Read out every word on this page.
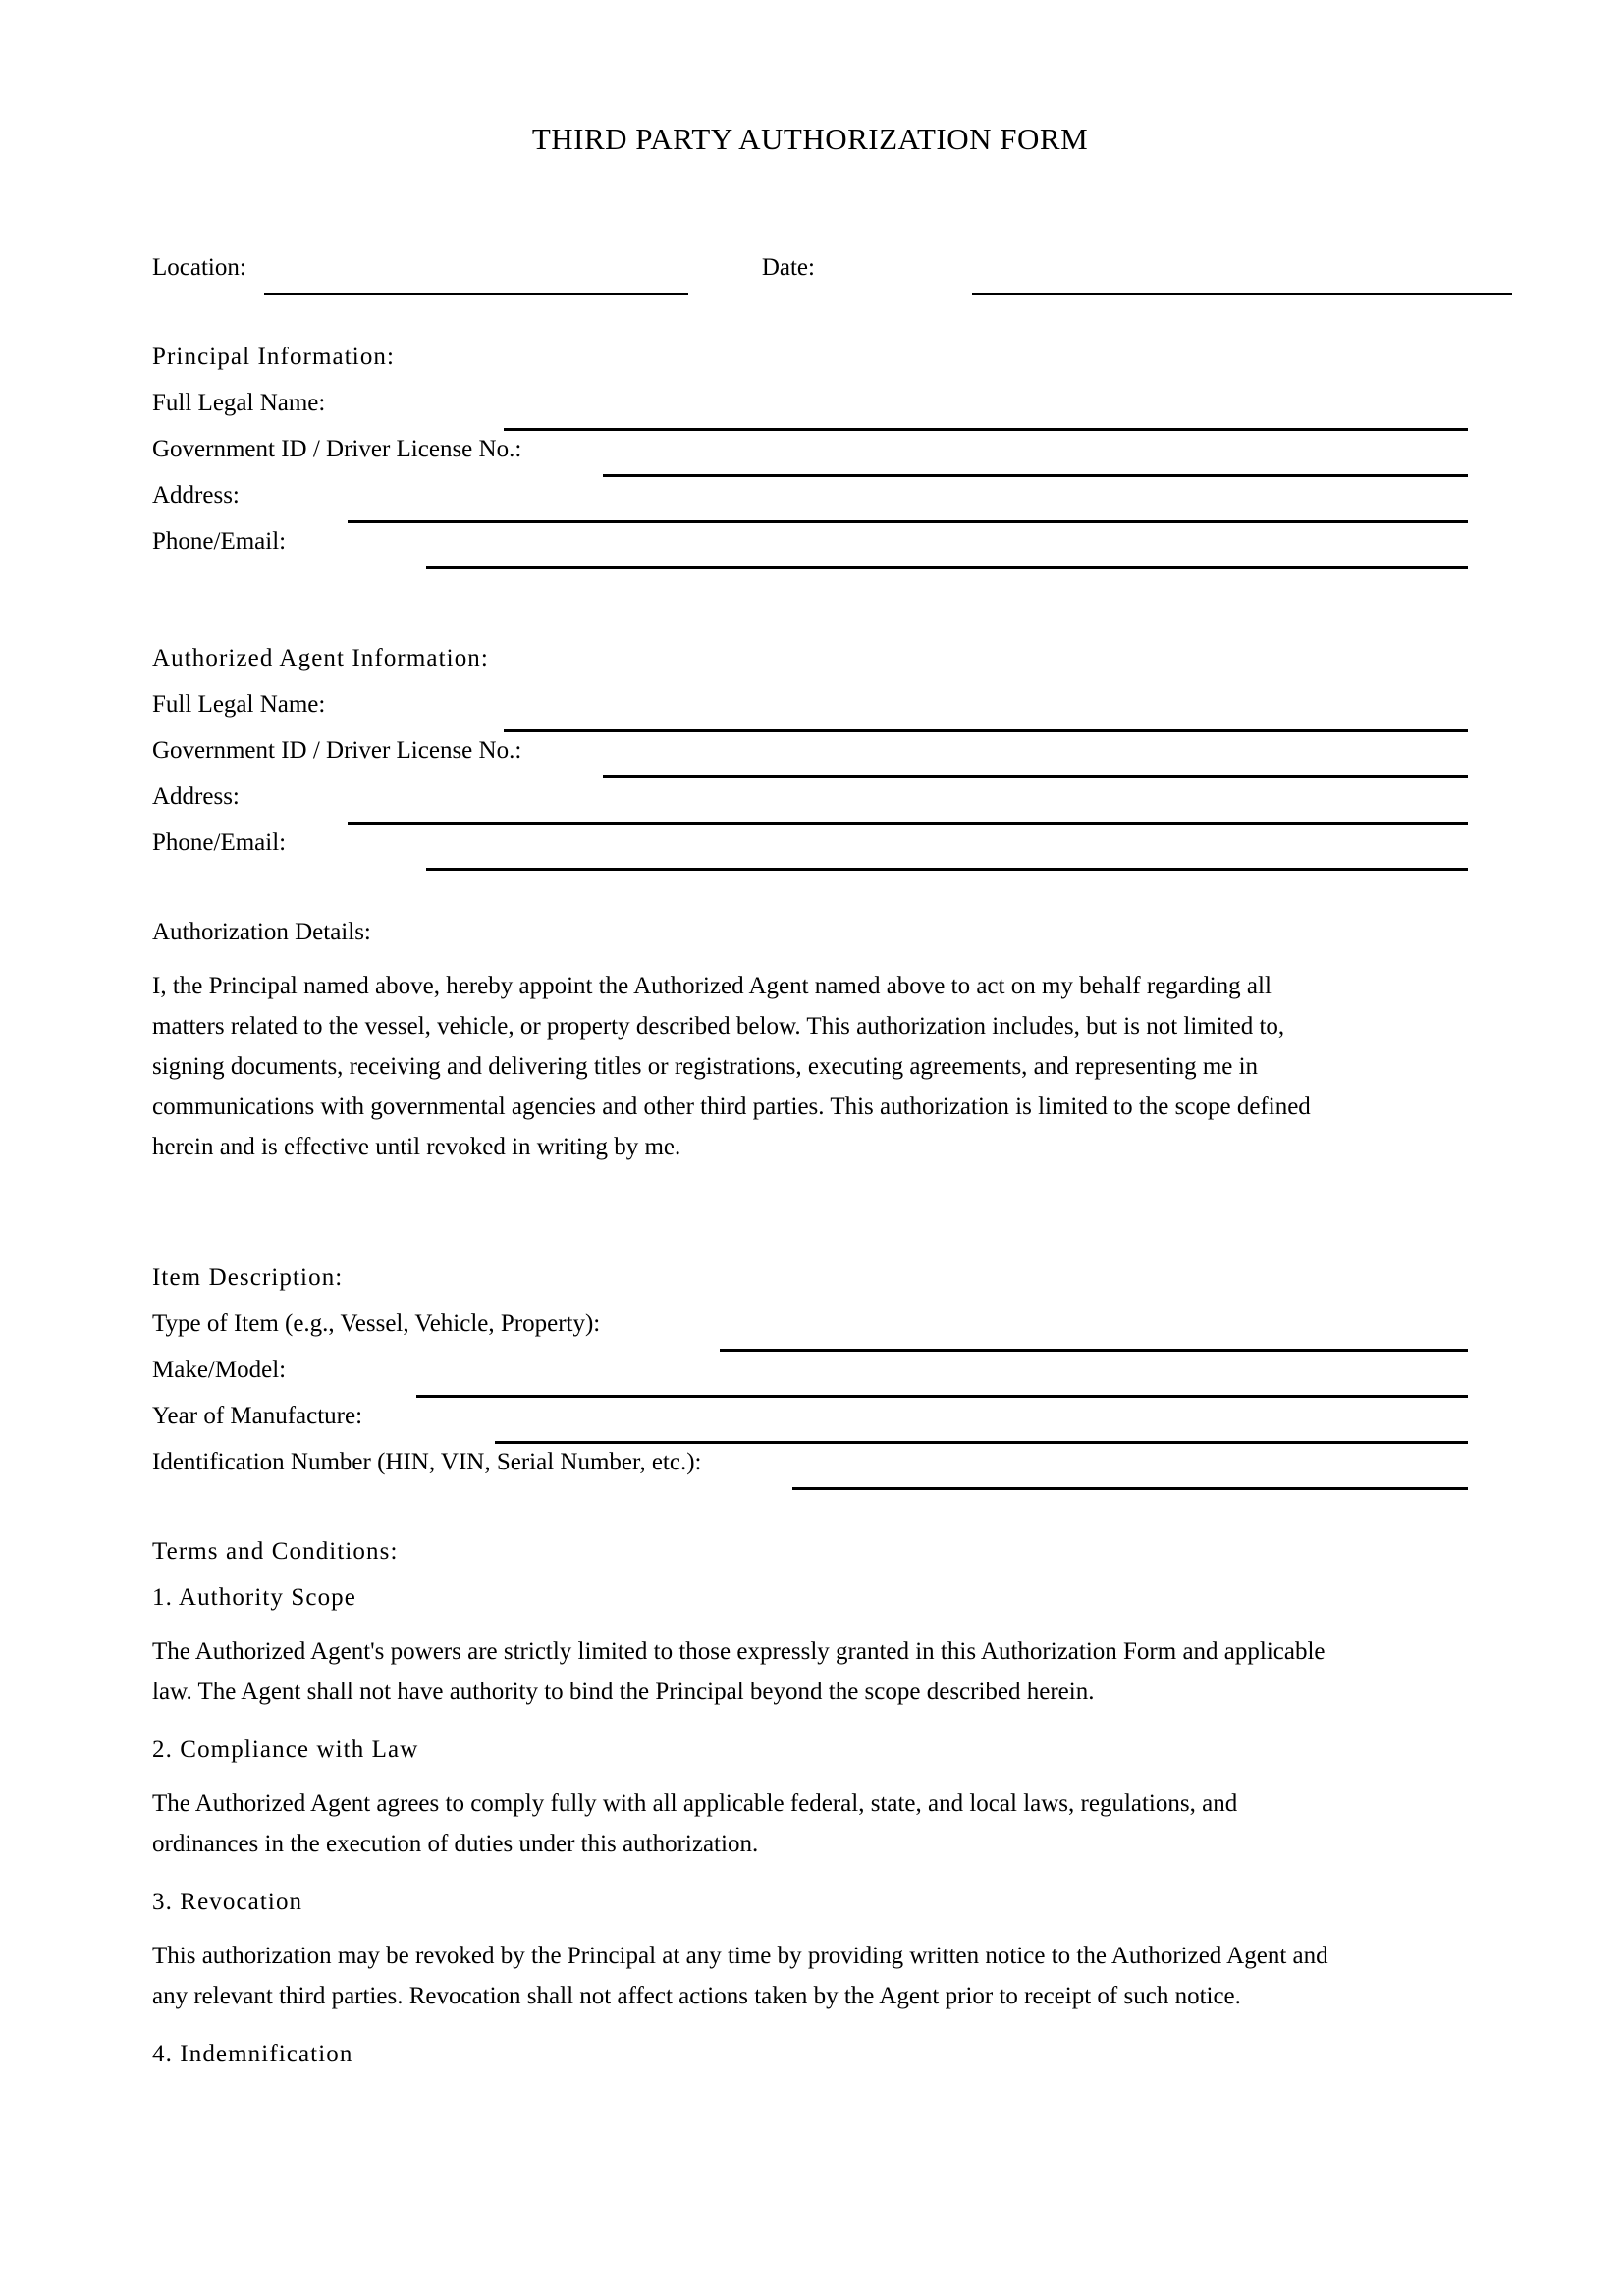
THIRD PARTY AUTHORIZATION FORM
Location:	Date:
Principal Information:
Full Legal Name:
Government ID / Driver License No.:
Address:
Phone/Email:
Authorized Agent Information:
Full Legal Name:
Government ID / Driver License No.:
Address:
Phone/Email:
Authorization Details:

I, the Principal named above, hereby appoint the Authorized Agent named above to act on my behalf regarding all
matters related to the vessel, vehicle, or property described below. This authorization includes, but is not limited to,
signing documents, receiving and delivering titles or registrations, executing agreements, and representing me in
communications with governmental agencies and other third parties. This authorization is limited to the scope defined
herein and is effective until revoked in writing by me.

Item Description:
Type of Item (e.g., Vessel, Vehicle, Property):
Make/Model:
Year of Manufacture:
Identification Number (HIN, VIN, Serial Number, etc.):
Terms and Conditions:
1. Authority Scope

The Authorized Agent's powers are strictly limited to those expressly granted in this Authorization Form and applicable
law. The Agent shall not have authority to bind the Principal beyond the scope described herein.

2. Compliance with Law

The Authorized Agent agrees to comply fully with all applicable federal, state, and local laws, regulations, and
ordinances in the execution of duties under this authorization.

3. Revocation

This authorization may be revoked by the Principal at any time by providing written notice to the Authorized Agent and
any relevant third parties. Revocation shall not affect actions taken by the Agent prior to receipt of such notice.

4. Indemnification
